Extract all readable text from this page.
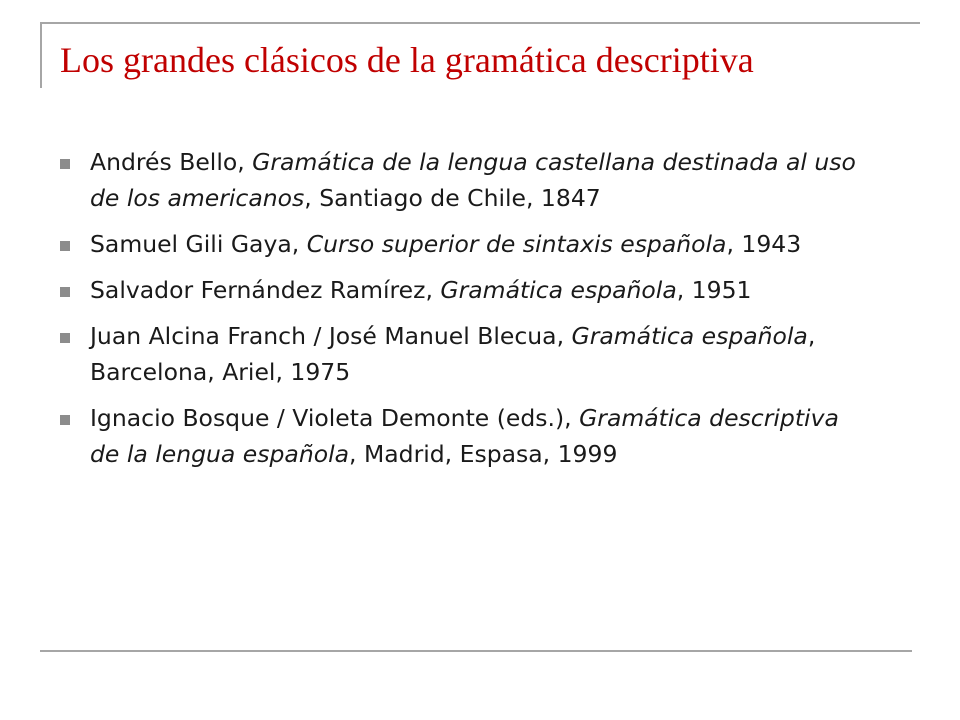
Los grandes clásicos de la gramática descriptiva
Andrés Bello, Gramática de la lengua castellana destinada al uso de los americanos, Santiago de Chile, 1847
Samuel Gili Gaya, Curso superior de sintaxis española, 1943
Salvador Fernández Ramírez, Gramática española, 1951
Juan Alcina Franch / José Manuel Blecua, Gramática española, Barcelona, Ariel, 1975
Ignacio Bosque / Violeta Demonte (eds.), Gramática descriptiva de la lengua española, Madrid, Espasa, 1999
